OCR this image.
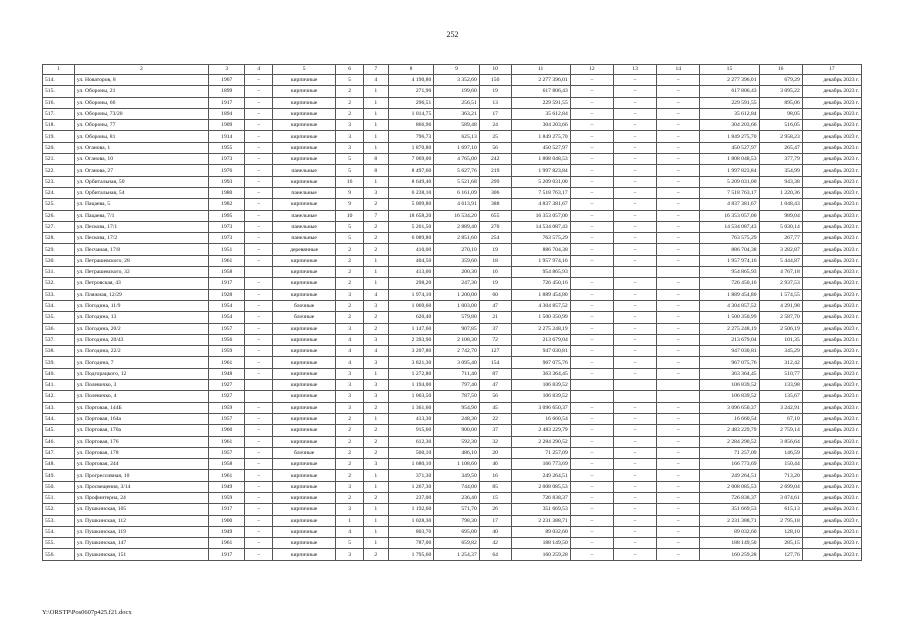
252
1	2	3	4	5	6	7	8	9	10	11	12	13	14	15	16	17
514.	ул. Новаторов, 8	1967	–	кирпичные	5	4	4 190,80	3 352,60	150	2 277 396,01	–	–	–	2 277 396,01	679,29	декабрь 2023 г.
515.	ул. Обороны, 21	1899	–	кирпичные	2	1	271,90	199,60	19	617 806,43	–	–	–	617 806,43	3 095,22	декабрь 2023 г.
516.	ул. Обороны, 66	1917	–	кирпичные	2	1	296,51	256,51	13	229 591,55	–	–	–	229 591,55	895,06	декабрь 2023 г.
517.	ул. Обороны, 73/20	1894	–	кирпичные	2	1	1 014,75	363,21	17	35 612,84	–	–	–	35 612,84	98,05	декабрь 2023 г.
518.	ул. Обороны, 77	1909	–	кирпичные	3	1	866,96	589,48	24	304 203,66	–	–	–	304 203,66	516,05	декабрь 2023 г.
519.	ул. Обороны, 81	1914	–	кирпичные	3	1	796,73	625,13	25	1 849 275,70	–	–	–	1 849 275,70	2 958,23	декабрь 2023 г.
520.	ул. Оганова, 1	1955	–	кирпичные	3	1	1 870,80	1 697,10	56	450 527,97	–	–	–	450 527,97	265,47	декабрь 2023 г.
521.	ул. Оганова, 10	1973	–	кирпичные	5	8	7 069,00	4 765,00	242	1 808 048,53	–	–	–	1 808 048,53	377,79	декабрь 2023 г.
522.	ул. Оганова, 27	1976	–	панельные	5	8	8 497,60	5 627,76	219	1 997 823,84	–	–	–	1 997 823,84	354,99	декабрь 2023 г.
523.	ул. Орбитальная, 50	1993	–	кирпичные	16	1	8 649,40	5 521,68	299	5 209 031,00	–	–	–	5 209 031,00	943,38	декабрь 2023 г.
524.	ул. Орбитальная, 54	1980	–	панельные	9	3	6 238,10	6 161,09	306	7 518 763,17	–	–	–	7 518 763,17	1 220,36	декабрь 2023 г.
525.	ул. Пацаева, 5	1982	–	кирпичные	9	2	5 009,80	4 613,91	388	4 837 381,67	–	–	–	4 837 381,67	1 048,43	декабрь 2023 г.
526.	ул. Пацаева, 7/1	1995	–	панельные	10	7	18 658,20	16 534,20	655	16 353 057,00	–	–	–	16 353 057,00	989,04	декабрь 2023 г.
527.	ул. Пескова, 17/1	1973	–	панельные	5	2	5 261,50	2 889,40	270	14 534 087,43	–	–	–	14 534 087,43	5 030,14	декабрь 2023 г.
528.	ул. Пескова, 17/2	1973	–	панельные	5	2	6 089,80	2 851,60	254	763 575,29	–	–	–	763 575,29	267,77	декабрь 2023 г.
529.	ул. Песчаная, 17/8	1951	–	деревянные	2	2	410,00	270,10	19	886 704,38	–	–	–	886 704,38	3 282,87	декабрь 2023 г.
530.	ул. Петрашевского, 28	1961	–	кирпичные	2	1	404,50	359,60	18	1 957 974,16	–	–	–	1 957 974,16	5 444,87	декабрь 2023 г.
531.	ул. Петрашевского, 32	1958		кирпичные	2	1	413,00	200,30	16	954 865,93				954 865,93	4 767,18	декабрь 2023 г.
532.	ул. Петровская, 43	1917	–	кирпичные	2	1	298,20	247,30	19	726 450,16	–	–	–	726 450,16	2 937,53	декабрь 2023 г.
533.	ул. Пляжная, 12/29	1928	–	кирпичные	3	4	1 974,10	1 200,00	60	1 889 454,80	–	–	–	1 889 454,80	1 574,55	декабрь 2023 г.
534.	ул. Погодина, 11/9	1954	–	блочные	2	3	1 069,60	1 003,00	47	4 304 857,52	–	–	–	4 304 857,52	4 291,98	декабрь 2023 г.
535.	ул. Погодина, 13	1954	–	блочные	2	2	620,40	579,80	21	1 500 350,99	–	–	–	1 500 350,99	2 587,70	декабрь 2023 г.
536.	ул. Погодина, 20/2	1957	–	кирпичные	3	2	1 147,60	907,85	37	2 275 248,19	–	–	–	2 275 248,19	2 506,19	декабрь 2023 г.
537.	ул. Погодина, 20/43	1956	–	кирпичные	4	3	2 393,90	2 108,30	72	213 679,04	–	–	–	213 679,04	101,35	декабрь 2023 г.
538.	ул. Погодина, 22/2	1959	–	кирпичные	4	4	3 207,80	2 742,70	127	947 030,81	–	–	–	947 030,81	345,29	декабрь 2023 г.
539.	ул. Погодина, 7	1961	–	кирпичные	4	3	3 821,30	3 095,40	154	967 075,76	–	–	–	967 075,76	312,42	декабрь 2023 г.
540.	ул. Подгорацкого, 12	1948	–	кирпичные	3	1	1 272,80	711,40	87	363 364,45	–	–	–	363 364,45	510,77	декабрь 2023 г.
541.	ул. Полевичко, 3	1927		кирпичные	3	3	1 194,00	797,40	47	106 839,52				106 839,52	133,98	декабрь 2023 г.
542.	ул. Полевичко, 4	1927		кирпичные	3	3	1 063,50	787,50	56	106 839,52				106 839,52	135,67	декабрь 2023 г.
543.	ул. Портовая, 144Б	1959	–	кирпичные	3	2	1 361,60	954,90	45	3 096 650,37	–	–	–	3 096 650,37	3 242,91	декабрь 2023 г.
544.	ул. Портовая, 164а	1957	–	кирпичные	2	1	413,30	248,30	22	16 660,54	–	–	–	16 660,54	67,10	декабрь 2023 г.
545.	ул. Портовая, 170а	1960	–	кирпичные	2	2	915,60	900,00	37	2 483 229,79	–	–	–	2 483 229,79	2 759,14	декабрь 2023 г.
546.	ул. Портовая, 176	1961	–	кирпичные	2	2	612,30	592,30	32	2 284 290,52	–	–	–	2 284 290,52	3 856,64	декабрь 2023 г.
547.	ул. Портовая, 178	1957	–	блочные	2	2	500,10	486,10	20	71 257,09	–	–	–	71 257,09	146,59	декабрь 2023 г.
548.	ул. Портовая, 244	1958	–	кирпичные	2	3	1 680,10	1 108,60	46	166 773,69	–	–	–	166 773,69	150,44	декабрь 2023 г.
549.	ул. Прогрессивная, 10	1961	–	кирпичные	2	1	371,30	349,50	16	249 264,51	–	–	–	249 264,51	713,20	декабрь 2023 г.
550.	ул. Просвещения, 3/14	1949	–	кирпичные	3	1	1 267,30	744,00	85	2 008 085,53	–	–	–	2 008 085,53	2 699,04	декабрь 2023 г.
551.	ул. Профинтерна, 24	1959	–	кирпичные	2	2	237,00	236,40	15	726 838,37	–	–	–	726 838,37	3 074,61	декабрь 2023 г.
552.	ул. Пушкинская, 105	1917	–	кирпичные	3	1	1 192,60	571,70	26	351 669,53	–	–	–	351 669,53	615,13	декабрь 2023 г.
553.	ул. Пушкинская, 112	1900	–	кирпичные	1	1	1 028,30	798,30	17	2 231 388,71	–	–	–	2 231 388,71	2 795,18	декабрь 2023 г.
554.	ул. Пушкинская, 119	1949	–	кирпичные	4	1	803,70	695,00	40	89 032,60	–	–	–	89 032,60	128,10	декабрь 2023 г.
555.	ул. Пушкинская, 147	1961	–	кирпичные	5	1	787,00	659,82	42	188 149,50	–	–	–	188 149,50	285,15	декабрь 2023 г.
556.	ул. Пушкинская, 151	1917	–	кирпичные	3	2	1 795,60	1 254,37	64	160 259,28	–	–	–	160 259,28	127,76	декабрь 2023 г.
Y:\ORSTP\Pos0607p425.f21.docx
